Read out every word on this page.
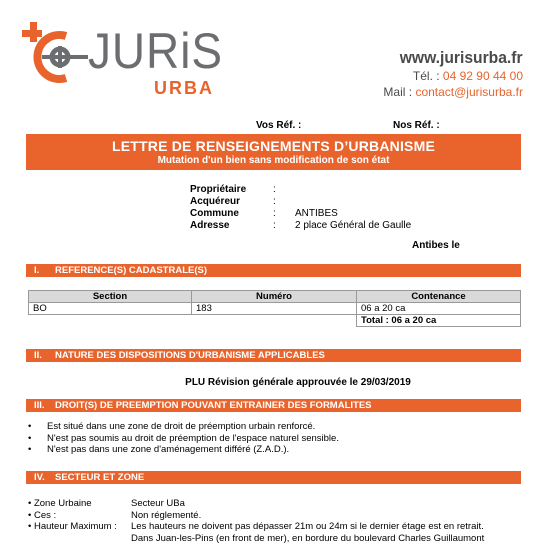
JURiS
URBA
www.jurisurba.fr
Tél. : 04 92 90 44 00
Mail : contact@jurisurba.fr
Vos Réf. :	Nos Réf. :
LETTRE DE RENSEIGNEMENTS D’URBANISME
Mutation d'un bien sans modification de son état
Propriétaire	:
Acquéreur	:
Commune	:	ANTIBES
Adresse	:	2 place Général de Gaulle
Antibes le
I. REFERENCE(S) CADASTRALE(S)
Section	Numéro	Contenance
BO	183	06 a 20 ca
		Total : 06 a 20 ca
II. NATURE DES DISPOSITIONS D'URBANISME APPLICABLES
PLU Révision générale approuvée le 29/03/2019
III. DROIT(S) DE PREEMPTION POUVANT ENTRAINER DES FORMALITES
•	Est situé dans une zone de droit de préemption urbain renforcé.
•	N'est pas soumis au droit de préemption de l'espace naturel sensible.
•	N'est pas dans une zone d'aménagement différé (Z.A.D.).
IV. SECTEUR ET ZONE
• Zone Urbaine	Secteur UBa
• Ces :	Non réglementé.
• Hauteur Maximum :	Les hauteurs ne doivent pas dépasser 21m ou 24m si le dernier étage est en retrait.
Dans Juan-les-Pins (en front de mer), en bordure du boulevard Charles Guillaumont
